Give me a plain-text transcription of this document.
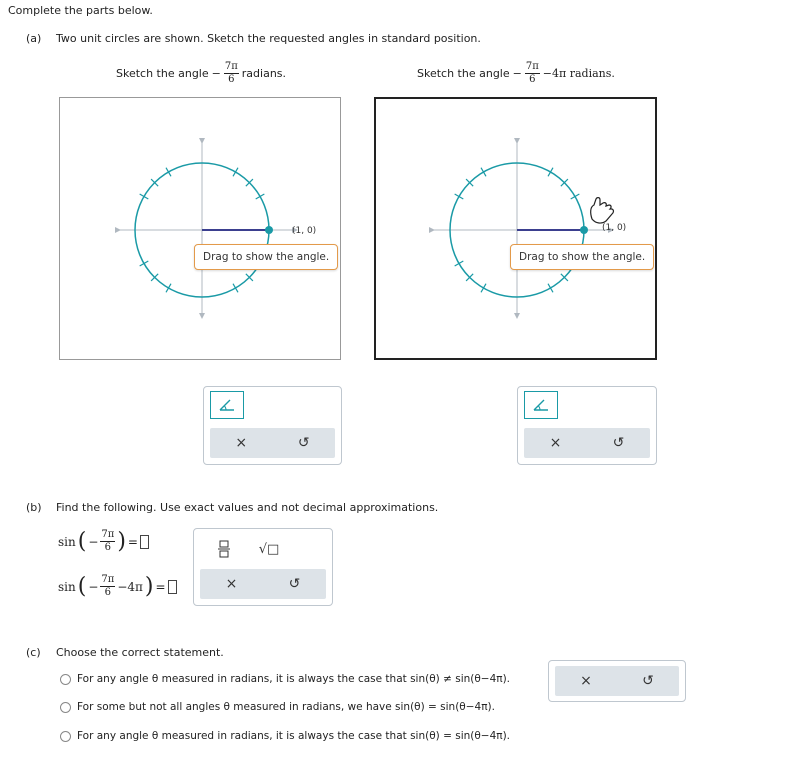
Complete the parts below.
(a) Two unit circles are shown. Sketch the requested angles in standard position.
Sketch the angle − $\frac{7\pi}{6}$ radians.	Sketch the angle − $\frac{7\pi}{6} -4\pi$ radians.
(1, 0)
Drag to show the angle.
(1, 0)
Drag to show the angle.
×	↺	×	↺
(b) Find the following. Use exact values and not decimal approximations.
sin ( − $\frac{7\pi}{6}$ ) =
sin ( − $\frac{7\pi}{6} -4\pi$ ) =
√□
×	↺
(c) Choose the correct statement.
For any angle θ measured in radians, it is always the case that sin(θ) ≠ sin(θ−4π).
For some but not all angles θ measured in radians, we have sin(θ) = sin(θ−4π).
For any angle θ measured in radians, it is always the case that sin(θ) = sin(θ−4π).
×	↺
